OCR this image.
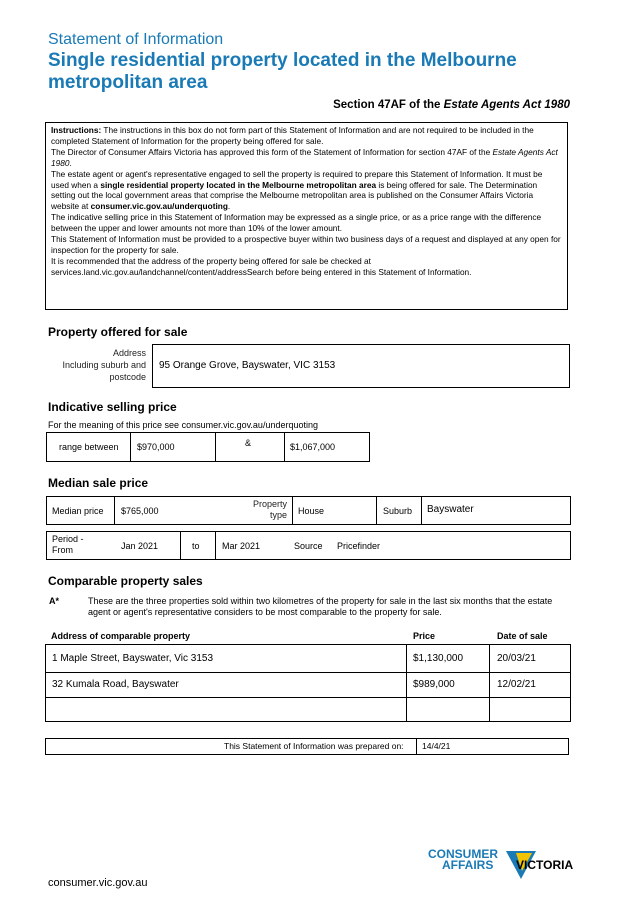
Statement of Information
Single residential property located in the Melbourne metropolitan area
Section 47AF of the Estate Agents Act 1980

Instructions: The instructions in this box do not form part of this Statement of Information and are not required to be included in the completed Statement of Information for the property being offered for sale.

The Director of Consumer Affairs Victoria has approved this form of the Statement of Information for section 47AF of the Estate Agents Act 1980.

The estate agent or agent's representative engaged to sell the property is required to prepare this Statement of Information. It must be used when a single residential property located in the Melbourne metropolitan area is being offered for sale. The Determination setting out the local government areas that comprise the Melbourne metropolitan area is published on the Consumer Affairs Victoria website at consumer.vic.gov.au/underquoting.

The indicative selling price in this Statement of Information may be expressed as a single price, or as a price range with the difference between the upper and lower amounts not more than 10% of the lower amount.

This Statement of Information must be provided to a prospective buyer within two business days of a request and displayed at any open for inspection for the property for sale.

It is recommended that the address of the property being offered for sale be checked at services.land.vic.gov.au/landchannel/content/addressSearch before being entered in this Statement of Information.

Property offered for sale
Address
Including suburb and
postcode
95 Orange Grove, Bayswater, VIC 3153
Indicative selling price
For the meaning of this price see consumer.vic.gov.au/underquoting
range between $970,000	&	$1,067,000
Median sale price
Median price $765,000
Property
type House	Suburb Bayswater
Period -
From	Jan 2021	to Mar 2021	Source Pricefinder
Comparable property sales
A*	These are the three properties sold within two kilometres of the property for sale in the last six months that the estate agent or agent's representative considers to be most comparable to the property for sale.
Address of comparable property	Price	Date of sale
1 Maple Street, Bayswater, Vic 3153	$1,130,000	20/03/21
32 Kumala Road, Bayswater	$989,000	12/02/21
This Statement of Information was prepared on: 14/4/21
consumer.vic.gov.au
CONSUMER
AFFAIRS VICTORIA
